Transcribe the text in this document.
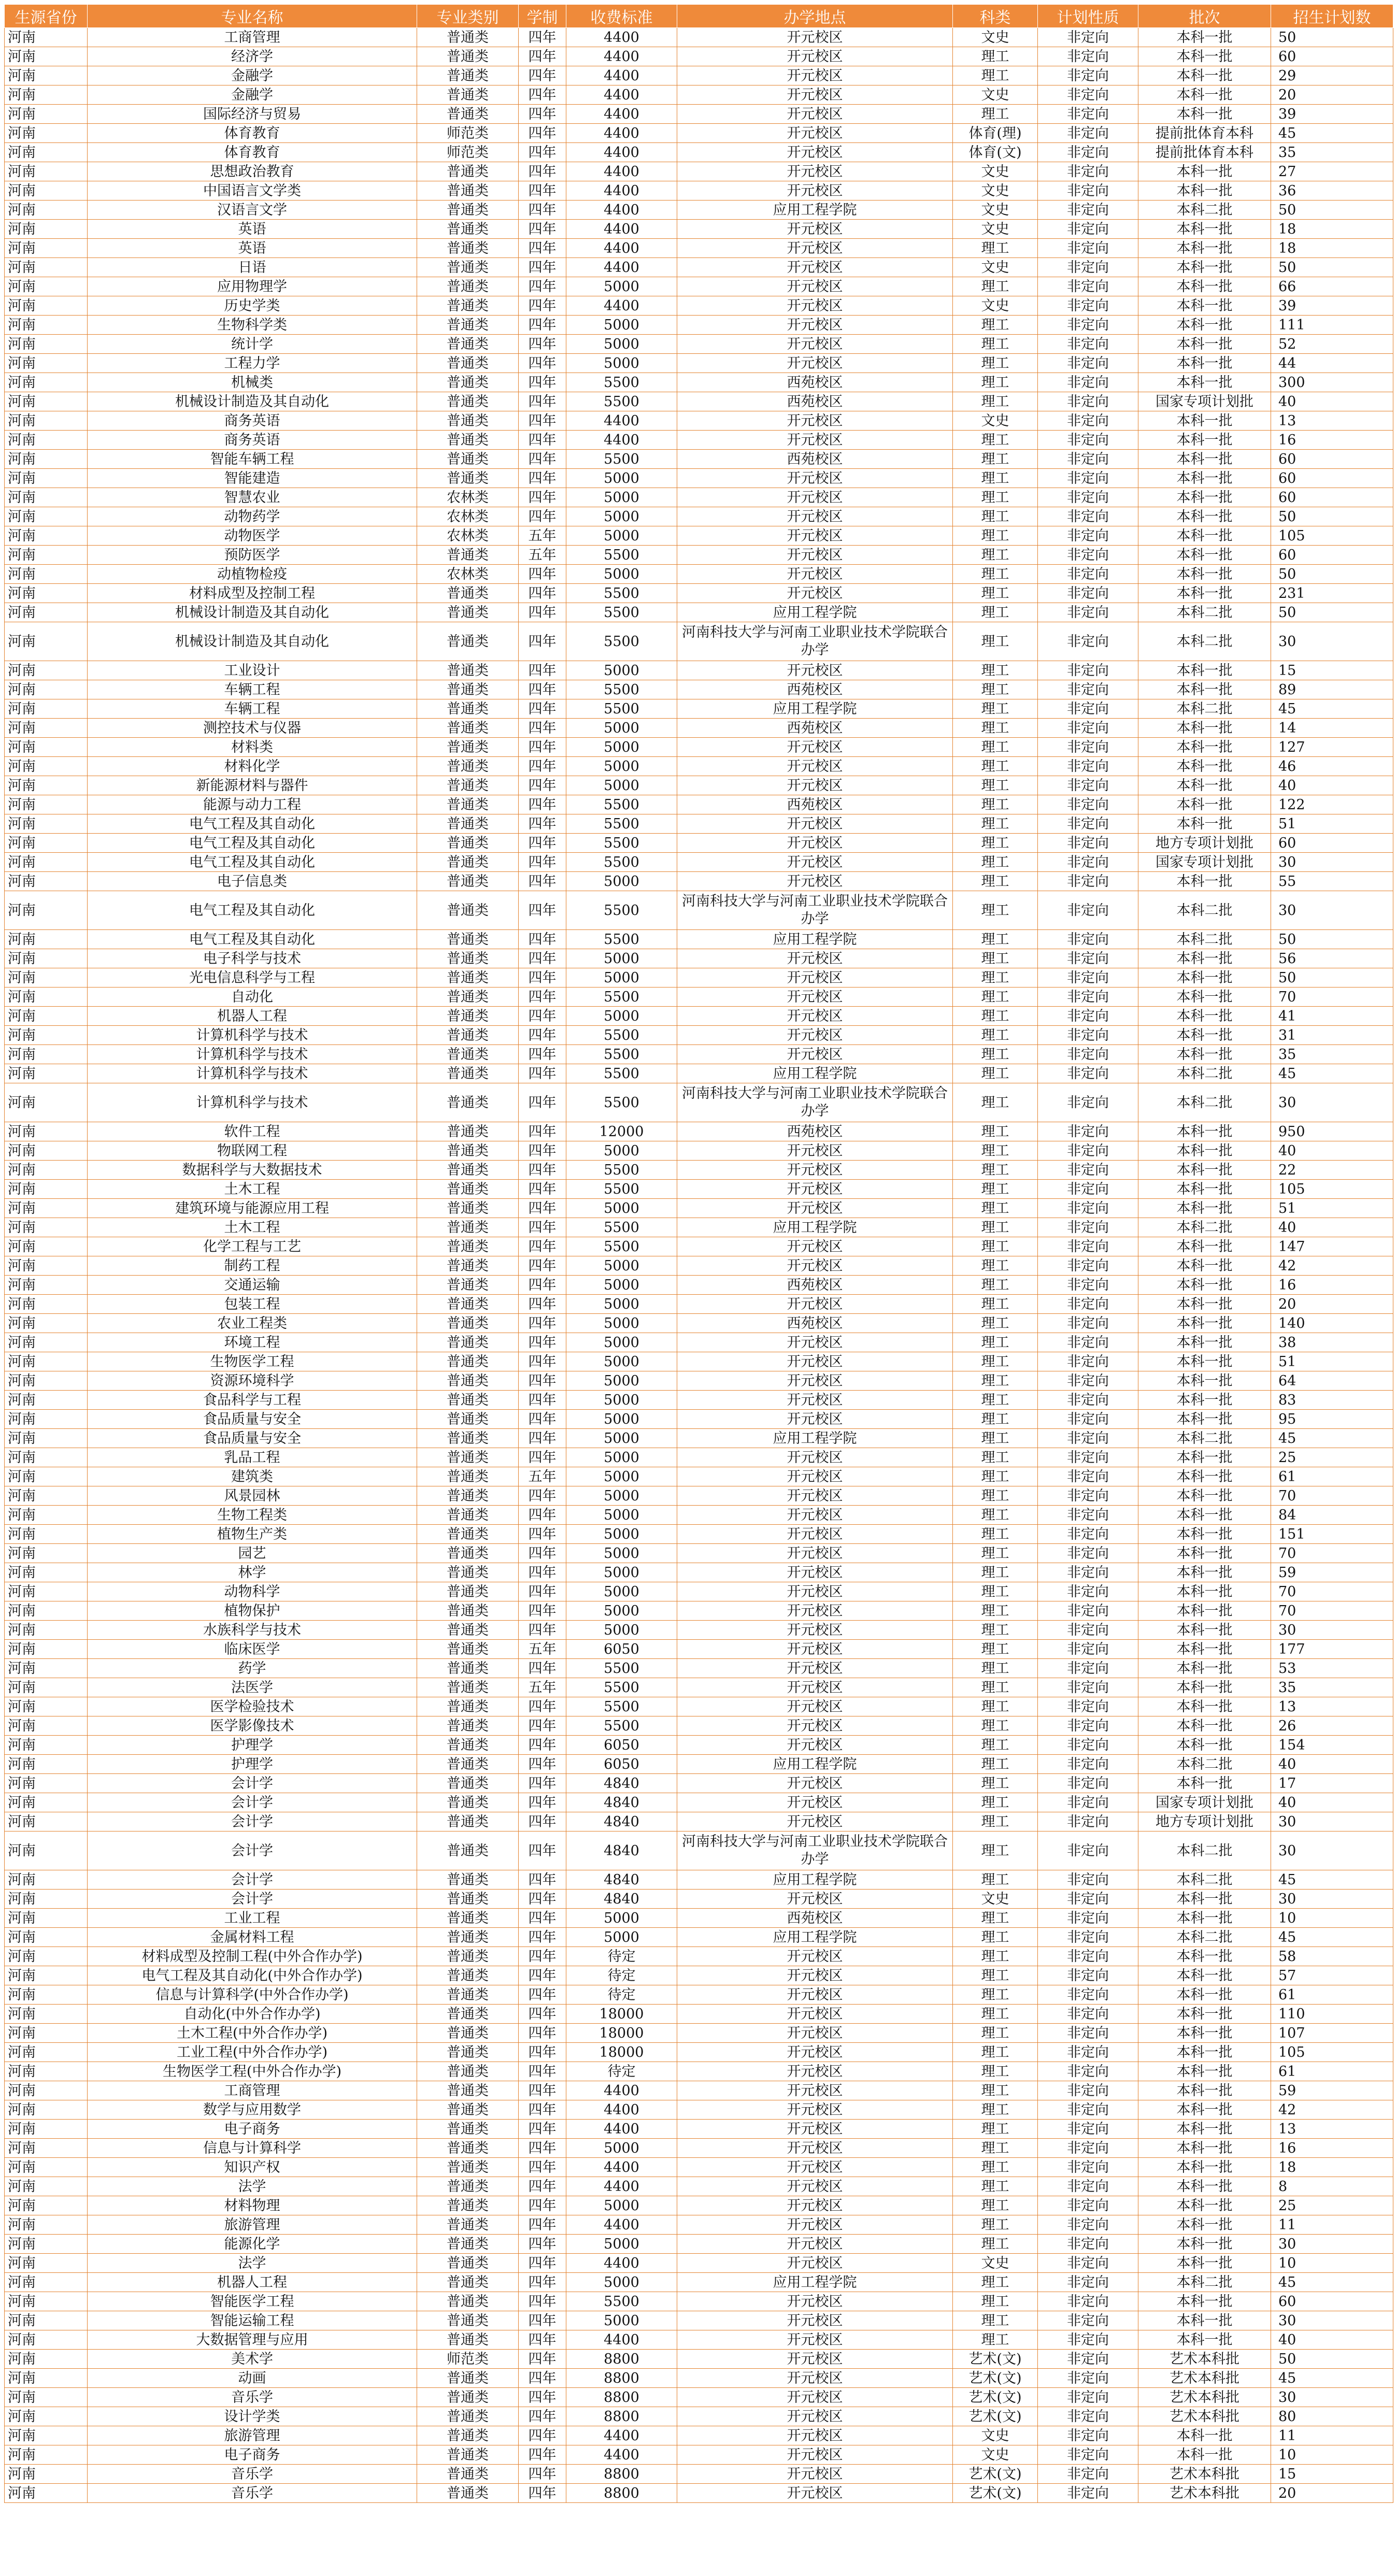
生源省份	专业名称	专业类别	学制	收费标准	办学地点	科类	计划性质	批次	招生计划数
河南	工商管理	普通类	四年	4400	开元校区	文史	非定向	本科一批	50
河南	经济学	普通类	四年	4400	开元校区	理工	非定向	本科一批	60
河南	金融学	普通类	四年	4400	开元校区	理工	非定向	本科一批	29
河南	金融学	普通类	四年	4400	开元校区	文史	非定向	本科一批	20
河南	国际经济与贸易	普通类	四年	4400	开元校区	理工	非定向	本科一批	39
河南	体育教育	师范类	四年	4400	开元校区	体育(理)	非定向	提前批体育本科	45
河南	体育教育	师范类	四年	4400	开元校区	体育(文)	非定向	提前批体育本科	35
河南	思想政治教育	普通类	四年	4400	开元校区	文史	非定向	本科一批	27
河南	中国语言文学类	普通类	四年	4400	开元校区	文史	非定向	本科一批	36
河南	汉语言文学	普通类	四年	4400	应用工程学院	文史	非定向	本科二批	50
河南	英语	普通类	四年	4400	开元校区	文史	非定向	本科一批	18
河南	英语	普通类	四年	4400	开元校区	理工	非定向	本科一批	18
河南	日语	普通类	四年	4400	开元校区	文史	非定向	本科一批	50
河南	应用物理学	普通类	四年	5000	开元校区	理工	非定向	本科一批	66
河南	历史学类	普通类	四年	4400	开元校区	文史	非定向	本科一批	39
河南	生物科学类	普通类	四年	5000	开元校区	理工	非定向	本科一批	111
河南	统计学	普通类	四年	5000	开元校区	理工	非定向	本科一批	52
河南	工程力学	普通类	四年	5000	开元校区	理工	非定向	本科一批	44
河南	机械类	普通类	四年	5500	西苑校区	理工	非定向	本科一批	300
河南	机械设计制造及其自动化	普通类	四年	5500	西苑校区	理工	非定向	国家专项计划批	40
河南	商务英语	普通类	四年	4400	开元校区	文史	非定向	本科一批	13
河南	商务英语	普通类	四年	4400	开元校区	理工	非定向	本科一批	16
河南	智能车辆工程	普通类	四年	5500	西苑校区	理工	非定向	本科一批	60
河南	智能建造	普通类	四年	5000	开元校区	理工	非定向	本科一批	60
河南	智慧农业	农林类	四年	5000	开元校区	理工	非定向	本科一批	60
河南	动物药学	农林类	四年	5000	开元校区	理工	非定向	本科一批	50
河南	动物医学	农林类	五年	5000	开元校区	理工	非定向	本科一批	105
河南	预防医学	普通类	五年	5500	开元校区	理工	非定向	本科一批	60
河南	动植物检疫	农林类	四年	5000	开元校区	理工	非定向	本科一批	50
河南	材料成型及控制工程	普通类	四年	5500	开元校区	理工	非定向	本科一批	231
河南	机械设计制造及其自动化	普通类	四年	5500	应用工程学院	理工	非定向	本科二批	50
河南	机械设计制造及其自动化	普通类	四年	5500	河南科技大学与河南工业职业技术学院联合办学	理工	非定向	本科二批	30
河南	工业设计	普通类	四年	5000	开元校区	理工	非定向	本科一批	15
河南	车辆工程	普通类	四年	5500	西苑校区	理工	非定向	本科一批	89
河南	车辆工程	普通类	四年	5500	应用工程学院	理工	非定向	本科二批	45
河南	测控技术与仪器	普通类	四年	5000	西苑校区	理工	非定向	本科一批	14
河南	材料类	普通类	四年	5000	开元校区	理工	非定向	本科一批	127
河南	材料化学	普通类	四年	5000	开元校区	理工	非定向	本科一批	46
河南	新能源材料与器件	普通类	四年	5000	开元校区	理工	非定向	本科一批	40
河南	能源与动力工程	普通类	四年	5500	西苑校区	理工	非定向	本科一批	122
河南	电气工程及其自动化	普通类	四年	5500	开元校区	理工	非定向	本科一批	51
河南	电气工程及其自动化	普通类	四年	5500	开元校区	理工	非定向	地方专项计划批	60
河南	电气工程及其自动化	普通类	四年	5500	开元校区	理工	非定向	国家专项计划批	30
河南	电子信息类	普通类	四年	5000	开元校区	理工	非定向	本科一批	55
河南	电气工程及其自动化	普通类	四年	5500	河南科技大学与河南工业职业技术学院联合办学	理工	非定向	本科二批	30
河南	电气工程及其自动化	普通类	四年	5500	应用工程学院	理工	非定向	本科二批	50
河南	电子科学与技术	普通类	四年	5000	开元校区	理工	非定向	本科一批	56
河南	光电信息科学与工程	普通类	四年	5000	开元校区	理工	非定向	本科一批	50
河南	自动化	普通类	四年	5500	开元校区	理工	非定向	本科一批	70
河南	机器人工程	普通类	四年	5000	开元校区	理工	非定向	本科一批	41
河南	计算机科学与技术	普通类	四年	5500	开元校区	理工	非定向	本科一批	31
河南	计算机科学与技术	普通类	四年	5500	开元校区	理工	非定向	本科一批	35
河南	计算机科学与技术	普通类	四年	5500	应用工程学院	理工	非定向	本科二批	45
河南	计算机科学与技术	普通类	四年	5500	河南科技大学与河南工业职业技术学院联合办学	理工	非定向	本科二批	30
河南	软件工程	普通类	四年	12000	西苑校区	理工	非定向	本科一批	950
河南	物联网工程	普通类	四年	5000	开元校区	理工	非定向	本科一批	40
河南	数据科学与大数据技术	普通类	四年	5500	开元校区	理工	非定向	本科一批	22
河南	土木工程	普通类	四年	5500	开元校区	理工	非定向	本科一批	105
河南	建筑环境与能源应用工程	普通类	四年	5000	开元校区	理工	非定向	本科一批	51
河南	土木工程	普通类	四年	5500	应用工程学院	理工	非定向	本科二批	40
河南	化学工程与工艺	普通类	四年	5500	开元校区	理工	非定向	本科一批	147
河南	制药工程	普通类	四年	5000	开元校区	理工	非定向	本科一批	42
河南	交通运输	普通类	四年	5000	西苑校区	理工	非定向	本科一批	16
河南	包装工程	普通类	四年	5000	开元校区	理工	非定向	本科一批	20
河南	农业工程类	普通类	四年	5000	西苑校区	理工	非定向	本科一批	140
河南	环境工程	普通类	四年	5000	开元校区	理工	非定向	本科一批	38
河南	生物医学工程	普通类	四年	5000	开元校区	理工	非定向	本科一批	51
河南	资源环境科学	普通类	四年	5000	开元校区	理工	非定向	本科一批	64
河南	食品科学与工程	普通类	四年	5000	开元校区	理工	非定向	本科一批	83
河南	食品质量与安全	普通类	四年	5000	开元校区	理工	非定向	本科一批	95
河南	食品质量与安全	普通类	四年	5000	应用工程学院	理工	非定向	本科二批	45
河南	乳品工程	普通类	四年	5000	开元校区	理工	非定向	本科一批	25
河南	建筑类	普通类	五年	5000	开元校区	理工	非定向	本科一批	61
河南	风景园林	普通类	四年	5000	开元校区	理工	非定向	本科一批	70
河南	生物工程类	普通类	四年	5000	开元校区	理工	非定向	本科一批	84
河南	植物生产类	普通类	四年	5000	开元校区	理工	非定向	本科一批	151
河南	园艺	普通类	四年	5000	开元校区	理工	非定向	本科一批	70
河南	林学	普通类	四年	5000	开元校区	理工	非定向	本科一批	59
河南	动物科学	普通类	四年	5000	开元校区	理工	非定向	本科一批	70
河南	植物保护	普通类	四年	5000	开元校区	理工	非定向	本科一批	70
河南	水族科学与技术	普通类	四年	5000	开元校区	理工	非定向	本科一批	30
河南	临床医学	普通类	五年	6050	开元校区	理工	非定向	本科一批	177
河南	药学	普通类	四年	5500	开元校区	理工	非定向	本科一批	53
河南	法医学	普通类	五年	5500	开元校区	理工	非定向	本科一批	35
河南	医学检验技术	普通类	四年	5500	开元校区	理工	非定向	本科一批	13
河南	医学影像技术	普通类	四年	5500	开元校区	理工	非定向	本科一批	26
河南	护理学	普通类	四年	6050	开元校区	理工	非定向	本科一批	154
河南	护理学	普通类	四年	6050	应用工程学院	理工	非定向	本科二批	40
河南	会计学	普通类	四年	4840	开元校区	理工	非定向	本科一批	17
河南	会计学	普通类	四年	4840	开元校区	理工	非定向	国家专项计划批	40
河南	会计学	普通类	四年	4840	开元校区	理工	非定向	地方专项计划批	30
河南	会计学	普通类	四年	4840	河南科技大学与河南工业职业技术学院联合办学	理工	非定向	本科二批	30
河南	会计学	普通类	四年	4840	应用工程学院	理工	非定向	本科二批	45
河南	会计学	普通类	四年	4840	开元校区	文史	非定向	本科一批	30
河南	工业工程	普通类	四年	5000	西苑校区	理工	非定向	本科一批	10
河南	金属材料工程	普通类	四年	5000	应用工程学院	理工	非定向	本科二批	45
河南	材料成型及控制工程(中外合作办学)	普通类	四年	待定	开元校区	理工	非定向	本科一批	58
河南	电气工程及其自动化(中外合作办学)	普通类	四年	待定	开元校区	理工	非定向	本科一批	57
河南	信息与计算科学(中外合作办学)	普通类	四年	待定	开元校区	理工	非定向	本科一批	61
河南	自动化(中外合作办学)	普通类	四年	18000	开元校区	理工	非定向	本科一批	110
河南	土木工程(中外合作办学)	普通类	四年	18000	开元校区	理工	非定向	本科一批	107
河南	工业工程(中外合作办学)	普通类	四年	18000	开元校区	理工	非定向	本科一批	105
河南	生物医学工程(中外合作办学)	普通类	四年	待定	开元校区	理工	非定向	本科一批	61
河南	工商管理	普通类	四年	4400	开元校区	理工	非定向	本科一批	59
河南	数学与应用数学	普通类	四年	4400	开元校区	理工	非定向	本科一批	42
河南	电子商务	普通类	四年	4400	开元校区	理工	非定向	本科一批	13
河南	信息与计算科学	普通类	四年	5000	开元校区	理工	非定向	本科一批	16
河南	知识产权	普通类	四年	4400	开元校区	理工	非定向	本科一批	18
河南	法学	普通类	四年	4400	开元校区	理工	非定向	本科一批	8
河南	材料物理	普通类	四年	5000	开元校区	理工	非定向	本科一批	25
河南	旅游管理	普通类	四年	4400	开元校区	理工	非定向	本科一批	11
河南	能源化学	普通类	四年	5000	开元校区	理工	非定向	本科一批	30
河南	法学	普通类	四年	4400	开元校区	文史	非定向	本科一批	10
河南	机器人工程	普通类	四年	5000	应用工程学院	理工	非定向	本科二批	45
河南	智能医学工程	普通类	四年	5500	开元校区	理工	非定向	本科一批	60
河南	智能运输工程	普通类	四年	5000	开元校区	理工	非定向	本科一批	30
河南	大数据管理与应用	普通类	四年	4400	开元校区	理工	非定向	本科一批	40
河南	美术学	师范类	四年	8800	开元校区	艺术(文)	非定向	艺术本科批	50
河南	动画	普通类	四年	8800	开元校区	艺术(文)	非定向	艺术本科批	45
河南	音乐学	普通类	四年	8800	开元校区	艺术(文)	非定向	艺术本科批	30
河南	设计学类	普通类	四年	8800	开元校区	艺术(文)	非定向	艺术本科批	80
河南	旅游管理	普通类	四年	4400	开元校区	文史	非定向	本科一批	11
河南	电子商务	普通类	四年	4400	开元校区	文史	非定向	本科一批	10
河南	音乐学	普通类	四年	8800	开元校区	艺术(文)	非定向	艺术本科批	15
河南	音乐学	普通类	四年	8800	开元校区	艺术(文)	非定向	艺术本科批	20
